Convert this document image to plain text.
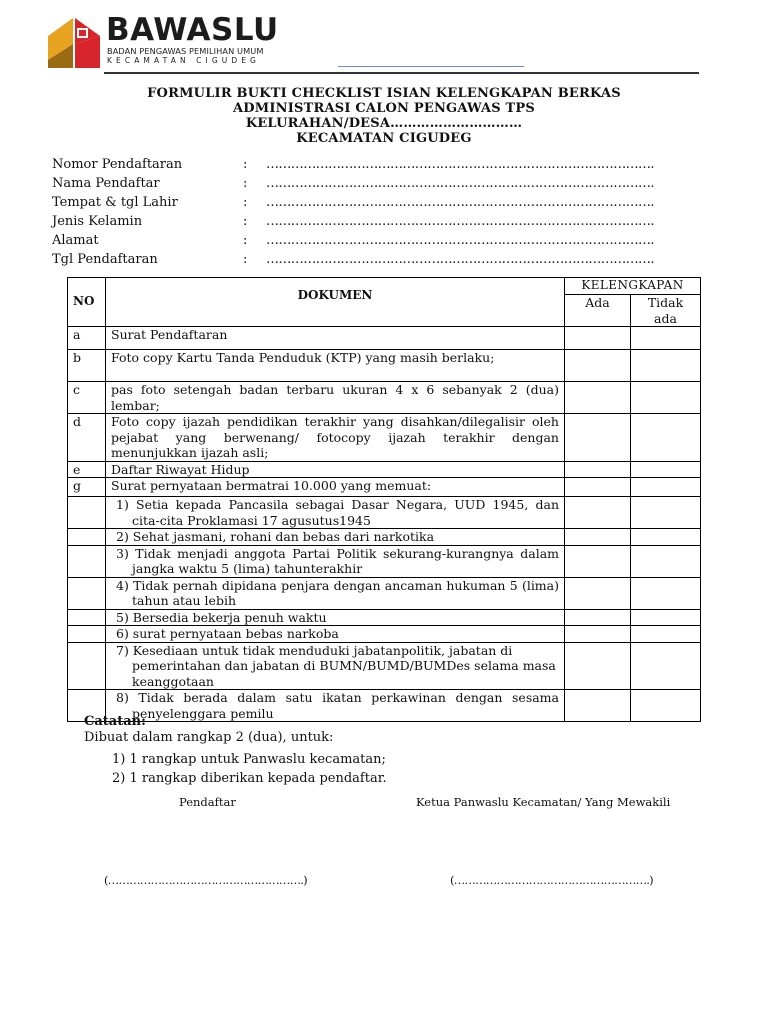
BAWASLU
BADAN PENGAWAS PEMILIHAN UMUM
KECAMATAN CIGUDEG
FORMULIR BUKTI CHECKLIST ISIAN KELENGKAPAN BERKAS
ADMINISTRASI CALON PENGAWAS TPS
KELURAHAN/DESA…………………………
KECAMATAN CIGUDEG
Nomor Pendaftaran	: ………………………………………………………………………………….
Nama Pendaftar	: ………………………………………………………………………………….
Tempat & tgl Lahir	: ………………………………………………………………………………….
Jenis Kelamin	: ………………………………………………………………………………….
Alamat	: ………………………………………………………………………………….
Tgl Pendaftaran	: ………………………………………………………………………………….
NO	DOKUMEN	KELENGKAPAN	
		Ada	Tidak ada
a	Surat Pendaftaran		
b	Foto copy Kartu Tanda Penduduk (KTP) yang masih berlaku;		
c	pas foto setengah badan terbaru ukuran 4 x 6 sebanyak 2 (dua) lembar;		
d	Foto copy ijazah pendidikan terakhir yang disahkan/dilegalisir oleh pejabat yang berwenang/ fotocopy ijazah terakhir dengan menunjukkan ijazah asli;		
e	Daftar Riwayat Hidup		
g	Surat pernyataan bermatrai 10.000 yang memuat:		

	1) Setia kepada Pancasila sebagai Dasar Negara, UUD 1945, dan cita-cita Proklamasi 17 agusutus1945		

	2) Sehat jasmani, rohani dan bebas dari narkotika		

	3) Tidak menjadi anggota Partai Politik sekurang-kurangnya dalam jangka waktu 5 (lima) tahunterakhir		

	4) Tidak pernah dipidana penjara dengan ancaman hukuman 5 (lima) tahun atau lebih		

	5) Bersedia bekerja penuh waktu		

	6) surat pernyataan bebas narkoba		

	7) Kesediaan untuk tidak menduduki jabatanpolitik, jabatan di pemerintahan dan jabatan di BUMN/BUMD/BUMDes selama masa keanggotaan		

	8) Tidak berada dalam satu ikatan perkawinan dengan sesama penyelenggara pemilu		

Catatan:
Dibuat dalam rangkap 2 (dua), untuk:
1) 1 rangkap untuk Panwaslu kecamatan;
2) 1 rangkap diberikan kepada pendaftar.
Pendaftar	Ketua Panwaslu Kecamatan/ Yang Mewakili
(……………………………………………….)	(……………………………………………….)
